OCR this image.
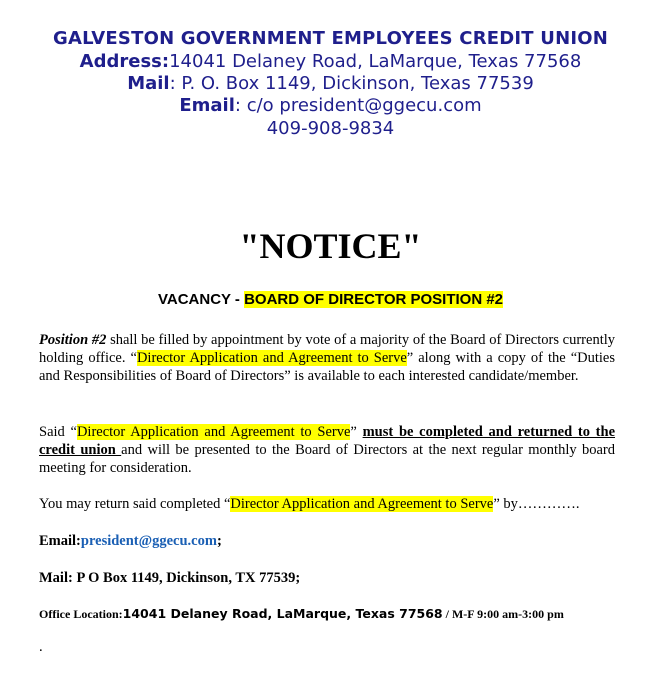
GALVESTON GOVERNMENT EMPLOYEES CREDIT UNION
Address:14041 Delaney Road, LaMarque, Texas 77568
Mail: P. O. Box 1149, Dickinson, Texas 77539
Email: c/o president@ggecu.com
409-908-9834
"NOTICE"
VACANCY - BOARD OF DIRECTOR POSITION #2
Position #2 shall be filled by appointment by vote of a majority of the Board of Directors currently holding office. “Director Application and Agreement to Serve” along with a copy of the “Duties and Responsibilities of Board of Directors” is available to each interested candidate/member.
Said “Director Application and Agreement to Serve” must be completed and returned to the credit union and will be presented to the Board of Directors at the next regular monthly board meeting for consideration.
You may return said completed “Director Application and Agreement to Serve” by………….
Email:president@ggecu.com;
Mail: P O Box 1149, Dickinson, TX 77539;
Office Location:14041 Delaney Road, LaMarque, Texas 77568 / M-F 9:00 am-3:00 pm
.
